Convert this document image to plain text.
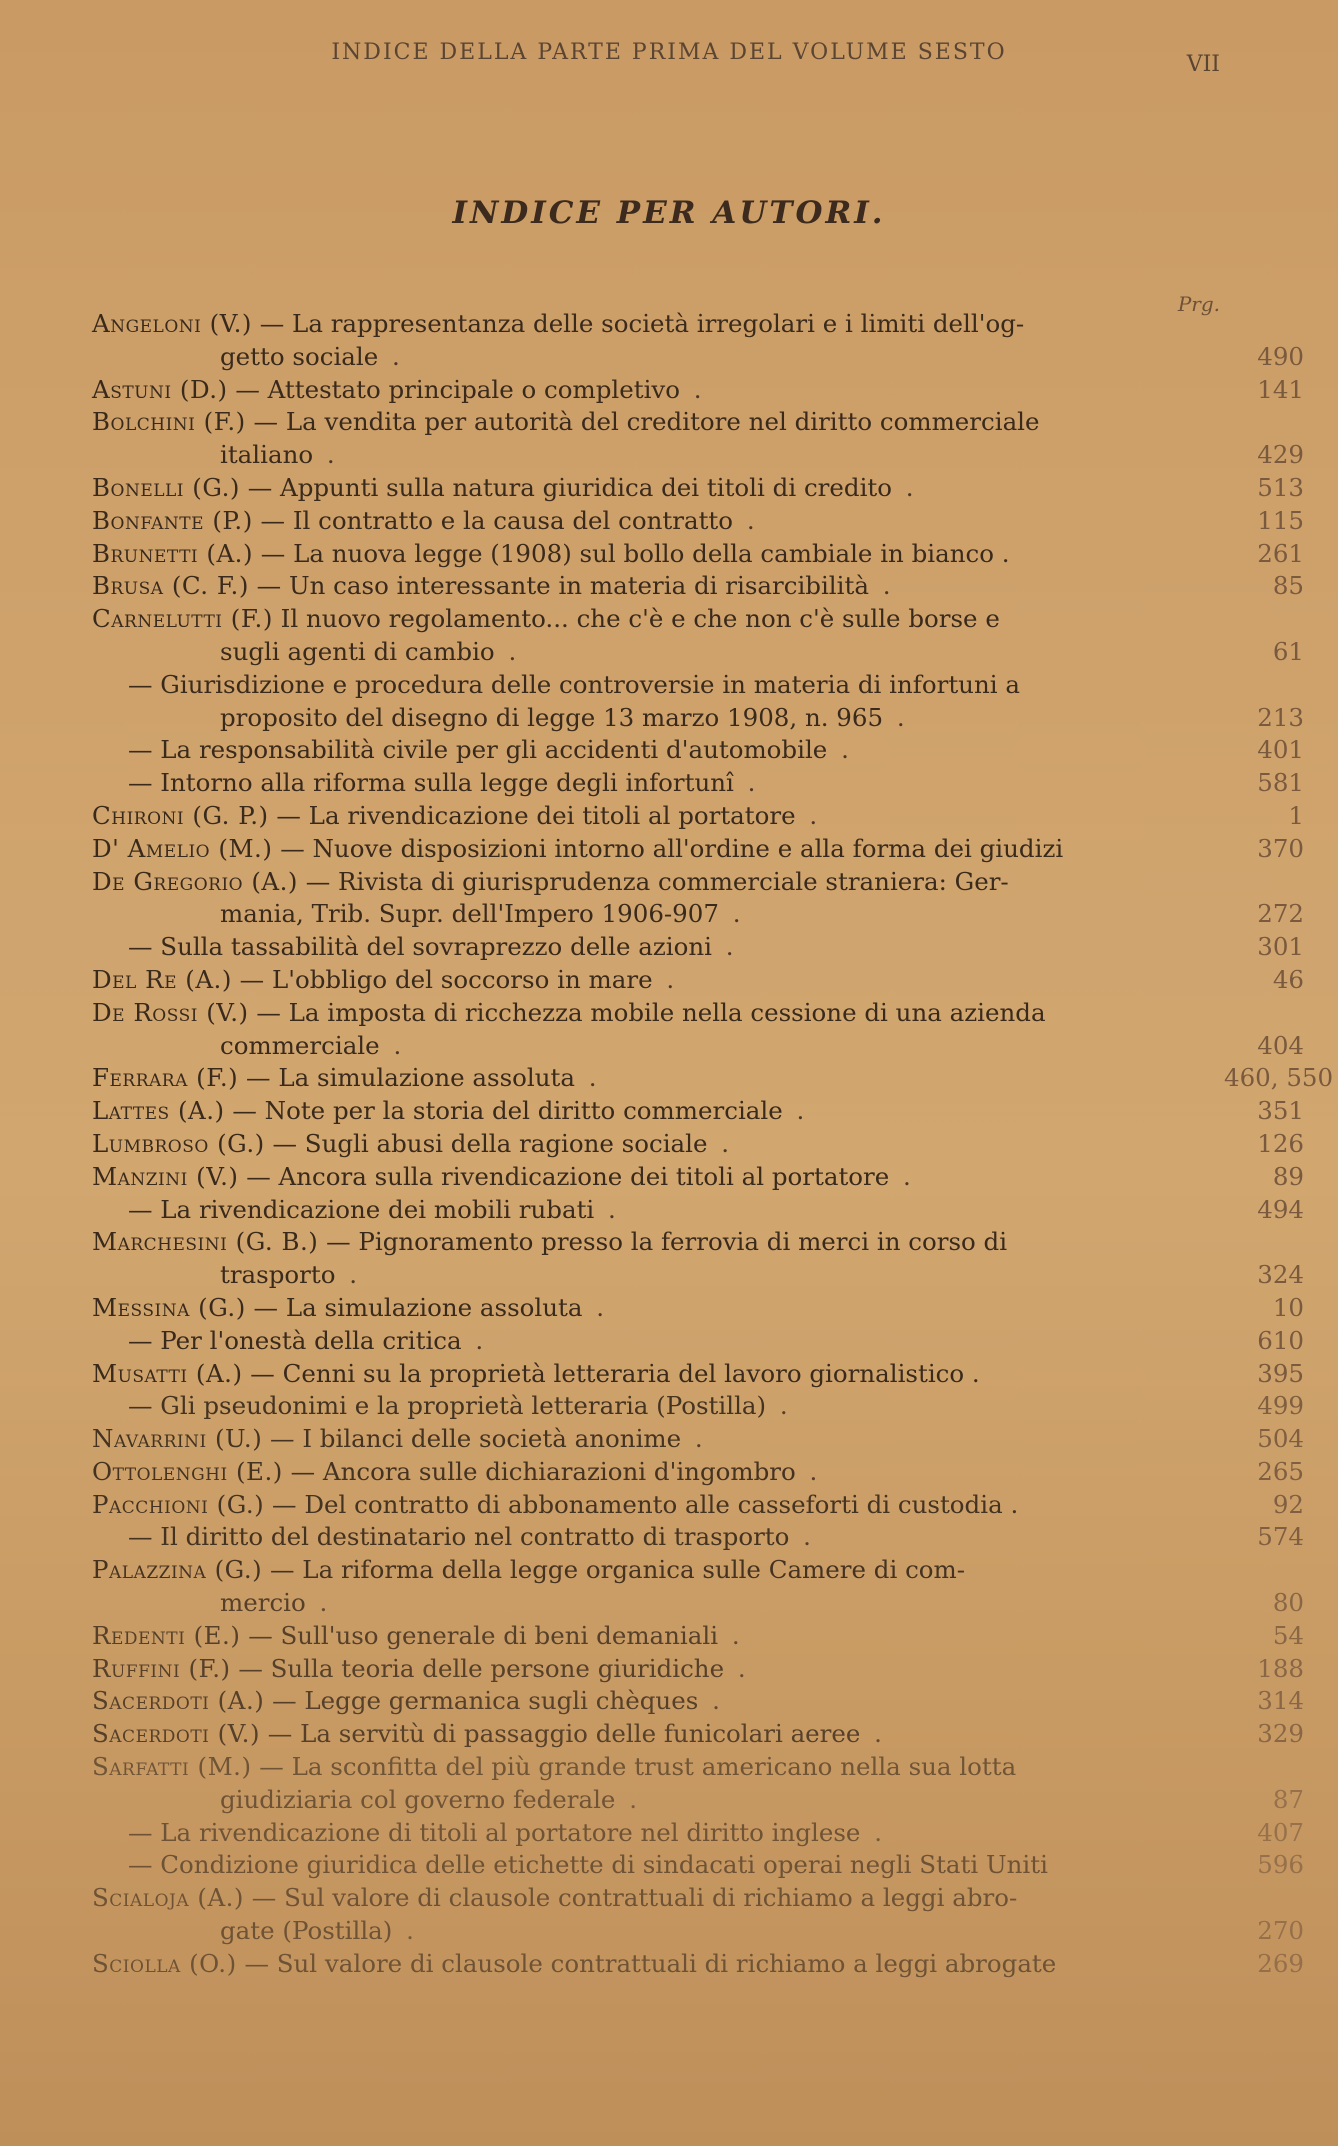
INDICE DELLA PARTE PRIMA DEL VOLUME SESTO	VII
INDICE PER AUTORI.
Prg.
Angeloni (V.) — La rappresentanza delle società irregolari e i limiti dell'og-
getto sociale .	490
Astuni (D.) — Attestato principale o completivo .	141
Bolchini (F.) — La vendita per autorità del creditore nel diritto commerciale
italiano .	429
Bonelli (G.) — Appunti sulla natura giuridica dei titoli di credito .	513
Bonfante (P.) — Il contratto e la causa del contratto .	115
Brunetti (A.) — La nuova legge (1908) sul bollo della cambiale in bianco .	261
Brusa (C. F.) — Un caso interessante in materia di risarcibilità .	85
Carnelutti (F.) Il nuovo regolamento... che c'è e che non c'è sulle borse e
sugli agenti di cambio .	61
— Giurisdizione e procedura delle controversie in materia di infortuni a
proposito del disegno di legge 13 marzo 1908, n. 965 .	213
— La responsabilità civile per gli accidenti d'automobile .	401
— Intorno alla riforma sulla legge degli infortunî .	581
Chironi (G. P.) — La rivendicazione dei titoli al portatore .	1
D' Amelio (M.) — Nuove disposizioni intorno all'ordine e alla forma dei giudizi	370
De Gregorio (A.) — Rivista di giurisprudenza commerciale straniera: Ger-
mania, Trib. Supr. dell'Impero 1906-907 .	272
— Sulla tassabilità del sovraprezzo delle azioni .	301
Del Re (A.) — L'obbligo del soccorso in mare .	46
De Rossi (V.) — La imposta di ricchezza mobile nella cessione di una azienda
commerciale .	404
Ferrara (F.) — La simulazione assoluta .	460, 550
Lattes (A.) — Note per la storia del diritto commerciale .	351
Lumbroso (G.) — Sugli abusi della ragione sociale .	126
Manzini (V.) — Ancora sulla rivendicazione dei titoli al portatore .	89
— La rivendicazione dei mobili rubati .	494
Marchesini (G. B.) — Pignoramento presso la ferrovia di merci in corso di
trasporto .	324
Messina (G.) — La simulazione assoluta .	10
— Per l'onestà della critica .	610
Musatti (A.) — Cenni su la proprietà letteraria del lavoro giornalistico .	395
— Gli pseudonimi e la proprietà letteraria (Postilla) .	499
Navarrini (U.) — I bilanci delle società anonime .	504
Ottolenghi (E.) — Ancora sulle dichiarazioni d'ingombro .	265
Pacchioni (G.) — Del contratto di abbonamento alle casseforti di custodia .	92
— Il diritto del destinatario nel contratto di trasporto .	574
Palazzina (G.) — La riforma della legge organica sulle Camere di com-
mercio .	80
Redenti (E.) — Sull'uso generale di beni demaniali .	54
Ruffini (F.) — Sulla teoria delle persone giuridiche .	188
Sacerdoti (A.) — Legge germanica sugli chèques .	314
Sacerdoti (V.) — La servitù di passaggio delle funicolari aeree .	329
Sarfatti (M.) — La sconfitta del più grande trust americano nella sua lotta
giudiziaria col governo federale .	87
— La rivendicazione di titoli al portatore nel diritto inglese .	407
— Condizione giuridica delle etichette di sindacati operai negli Stati Uniti	596
Scialoja (A.) — Sul valore di clausole contrattuali di richiamo a leggi abro-
gate (Postilla) .	270
Sciolla (O.) — Sul valore di clausole contrattuali di richiamo a leggi abrogate	269
